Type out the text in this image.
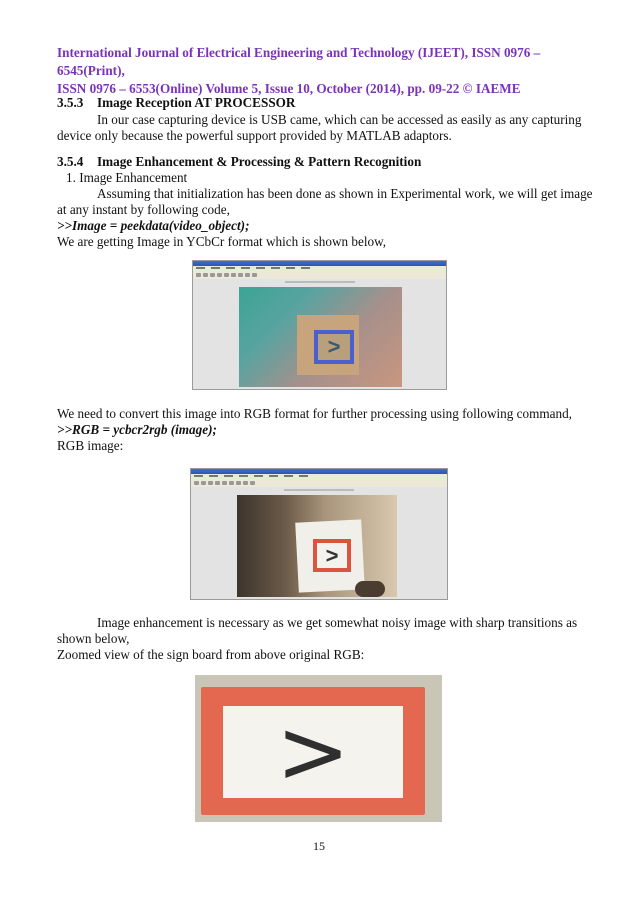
International Journal of Electrical Engineering and Technology (IJEET), ISSN 0976 – 6545(Print),
ISSN 0976 – 6553(Online) Volume 5, Issue 10, October (2014), pp. 09-22 © IAEME
3.5.3 Image Reception AT PROCESSOR
In our case capturing device is USB came, which can be accessed as easily as any capturing
device only because the powerful support provided by MATLAB adaptors.
3.5.4 Image Enhancement & Processing & Pattern Recognition
1. Image Enhancement
Assuming that initialization has been done as shown in Experimental work, we will get image
at any instant by following code,
>>Image = peekdata(video_object);
We are getting Image in YCbCr format which is shown below,
>
We need to convert this image into RGB format for further processing using following command,
>>RGB = ycbcr2rgb (image);
RGB image:
>
Image enhancement is necessary as we get somewhat noisy image with sharp transitions as
shown below,
Zoomed view of the sign board from above original RGB:
>
15
